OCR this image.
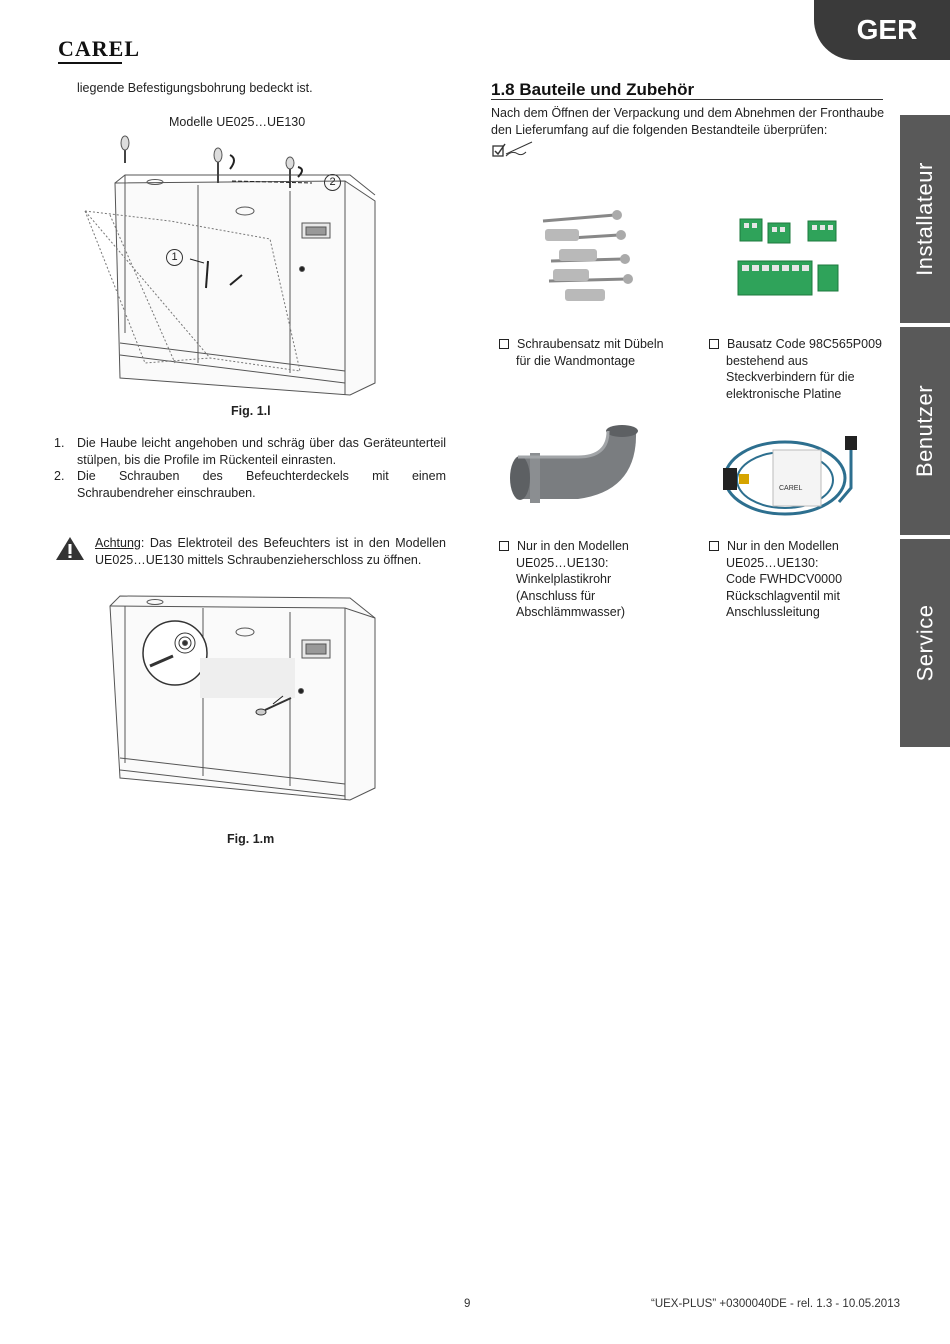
CAREL
GER
Installateur
Benutzer
Service
liegende Befestigungsbohrung bedeckt ist.
Modelle UE025…UE130
1
2
Fig. 1.l
1. Die Haube leicht angehoben und schräg über das Geräteunterteil stülpen, bis die Profile im Rückenteil einrasten.
2. Die Schrauben des Befeuchterdeckels mit einem Schraubendreher einschrauben.
Achtung: Das Elektroteil des Befeuchters ist in den Modellen UE025…UE130 mittels Schraubenzieherschloss zu öffnen.
Fig. 1.m
1.8 Bauteile und Zubehör
Nach dem Öffnen der Verpackung und dem Abnehmen der Fronthaube den Lieferumfang auf die folgenden Bestandteile überprüfen:
Schraubensatz mit Dübeln
für die Wandmontage
Bausatz Code 98C565P009
bestehend aus
Steckverbindern für die
elektronische Platine
CAREL
Nur in den Modellen
UE025…UE130:
Winkelplastikrohr
(Anschluss für
Abschlämmwasser)
Nur in den Modellen
UE025…UE130:
Code FWHDCV0000
Rückschlagventil mit
Anschlussleitung
9	“UEX-PLUS” +0300040DE - rel. 1.3 - 10.05.2013
